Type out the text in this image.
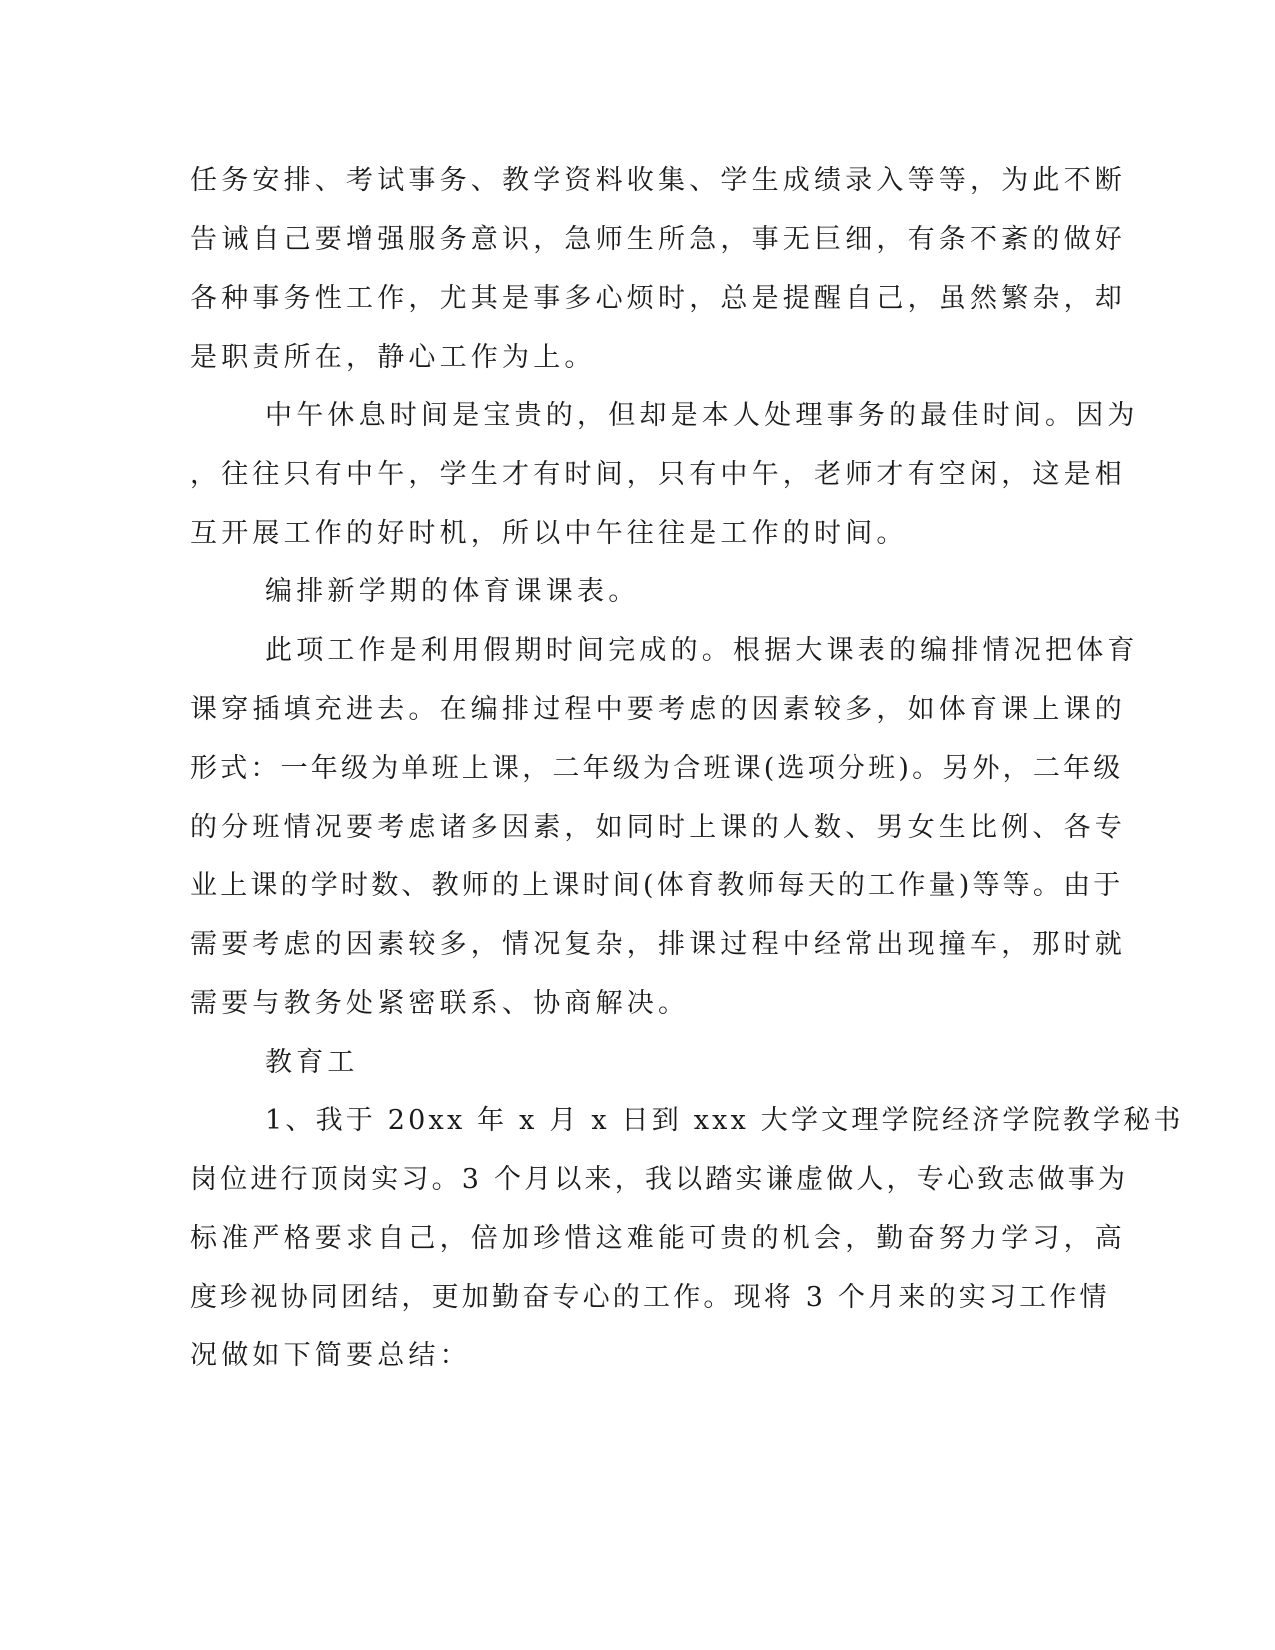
任务安排、考试事务、教学资料收集、学生成绩录入等等，为此不断
告诫自己要增强服务意识，急师生所急，事无巨细，有条不紊的做好
各种事务性工作，尤其是事多心烦时，总是提醒自己，虽然繁杂，却
是职责所在，静心工作为上。
中午休息时间是宝贵的，但却是本人处理事务的最佳时间。因为
，往往只有中午，学生才有时间，只有中午，老师才有空闲，这是相
互开展工作的好时机，所以中午往往是工作的时间。
编排新学期的体育课课表。
此项工作是利用假期时间完成的。根据大课表的编排情况把体育
课穿插填充进去。在编排过程中要考虑的因素较多，如体育课上课的
形式：一年级为单班上课，二年级为合班课(选项分班)。另外，二年级
的分班情况要考虑诸多因素，如同时上课的人数、男女生比例、各专
业上课的学时数、教师的上课时间(体育教师每天的工作量)等等。由于
需要考虑的因素较多，情况复杂，排课过程中经常出现撞车，那时就
需要与教务处紧密联系、协商解决。
教育工
1、我于 20xx 年 x 月 x 日到 xxx 大学文理学院经济学院教学秘书
岗位进行顶岗实习。3 个月以来，我以踏实谦虚做人，专心致志做事为
标准严格要求自己，倍加珍惜这难能可贵的机会，勤奋努力学习，高
度珍视协同团结，更加勤奋专心的工作。现将 3 个月来的实习工作情
况做如下简要总结：
